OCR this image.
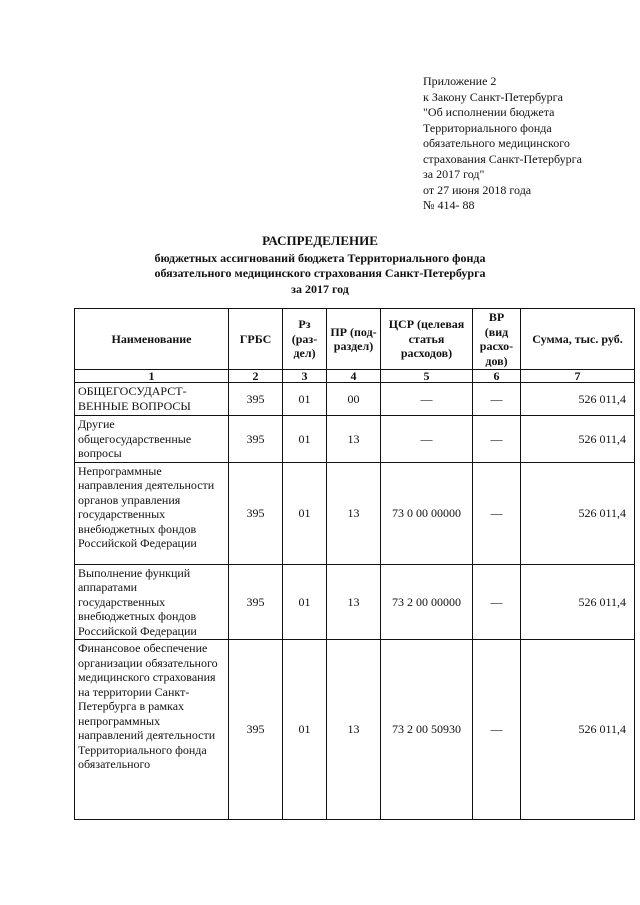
Приложение 2
к Закону Санкт-Петербурга
"Об исполнении бюджета
Территориального фонда
обязательного медицинского
страхования Санкт-Петербурга
за 2017 год"
от 27 июня 2018 года
№ 414- 88
РАСПРЕДЕЛЕНИЕ
бюджетных ассигнований бюджета Территориального фонда
обязательного медицинского страхования Санкт-Петербурга
за 2017 год
Наименование	ГРБС	Рз (раз-дел)	ПР (под-раздел)	ЦСР (целевая статья расходов)	ВР (вид расхо-дов)	Сумма, тыс. руб.
1	2	3	4	5	6	7
ОБЩЕГОСУДАРСТ-ВЕННЫЕ ВОПРОСЫ	395	01	00	—	—	526 011,4
Другие общегосударственные вопросы	395	01	13	—	—	526 011,4
Непрограммные направления деятельности органов управления государственных внебюджетных фондов Российской Федерации	395	01	13	73 0 00 00000	—	526 011,4
Выполнение функций аппаратами государственных внебюджетных фондов Российской Федерации	395	01	13	73 2 00 00000	—	526 011,4
Финансовое обеспечение организации обязательного медицинского страхования на территории Санкт-Петербурга в рамках непрограммных направлений деятельности Территориального фонда обязательного	395	01	13	73 2 00 50930	—	526 011,4
